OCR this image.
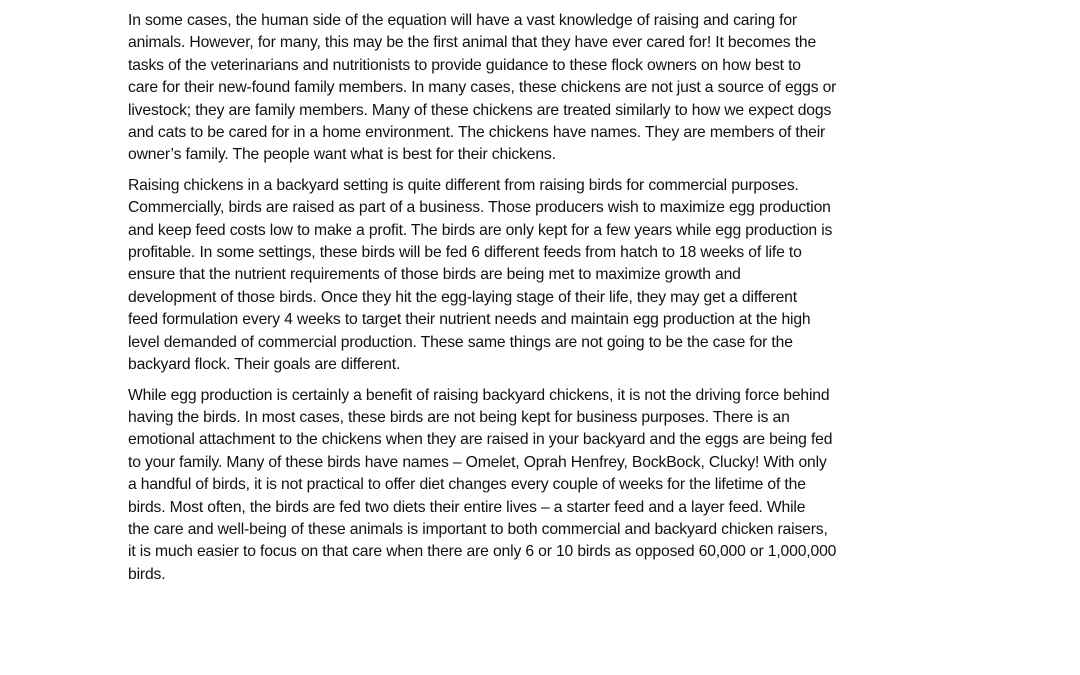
In some cases, the human side of the equation will have a vast knowledge of raising and caring for
animals. However, for many, this may be the first animal that they have ever cared for! It becomes the
tasks of the veterinarians and nutritionists to provide guidance to these flock owners on how best to
care for their new-found family members. In many cases, these chickens are not just a source of eggs or
livestock; they are family members. Many of these chickens are treated similarly to how we expect dogs
and cats to be cared for in a home environment. The chickens have names. They are members of their
owner’s family. The people want what is best for their chickens.

Raising chickens in a backyard setting is quite different from raising birds for commercial purposes.
Commercially, birds are raised as part of a business. Those producers wish to maximize egg production
and keep feed costs low to make a profit. The birds are only kept for a few years while egg production is
profitable. In some settings, these birds will be fed 6 different feeds from hatch to 18 weeks of life to
ensure that the nutrient requirements of those birds are being met to maximize growth and
development of those birds. Once they hit the egg-laying stage of their life, they may get a different
feed formulation every 4 weeks to target their nutrient needs and maintain egg production at the high
level demanded of commercial production. These same things are not going to be the case for the
backyard flock. Their goals are different.

While egg production is certainly a benefit of raising backyard chickens, it is not the driving force behind
having the birds. In most cases, these birds are not being kept for business purposes. There is an
emotional attachment to the chickens when they are raised in your backyard and the eggs are being fed
to your family. Many of these birds have names – Omelet, Oprah Henfrey, BockBock, Clucky! With only
a handful of birds, it is not practical to offer diet changes every couple of weeks for the lifetime of the
birds. Most often, the birds are fed two diets their entire lives – a starter feed and a layer feed. While
the care and well-being of these animals is important to both commercial and backyard chicken raisers,
it is much easier to focus on that care when there are only 6 or 10 birds as opposed 60,000 or 1,000,000
birds.
